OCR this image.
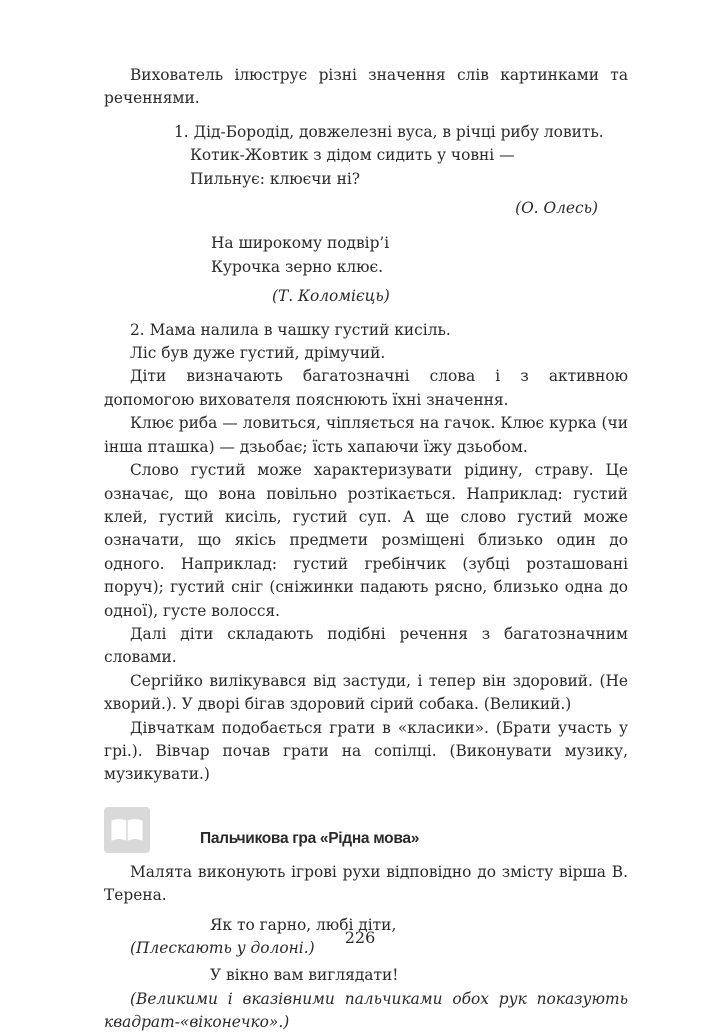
Вихователь ілюструє різні значення слів картинками та реченнями.

1. Дід-Бородід, довжелезні вуса, в річці рибу ловить.
Котик-Жовтик з дідом сидить у човні —
Пильнує: клюєчи ні?

(О. Олесь)

На широкому подвір’і
Курочка зерно клює.

(Т. Коломієць)

2. Мама налила в чашку густий кисіль.

Ліс був дуже густий, дрімучий.

Діти визначають багатозначні слова і з активною допомогою вихователя пояснюють їхні значення.

Клює риба — ловиться, чіпляється на гачок. Клює курка (чи інша пташка) — дзьобає; їсть хапаючи їжу дзьобом.

Слово густий може характеризувати рідину, страву. Це означає, що вона повільно розтікається. Наприклад: густий клей, густий кисіль, густий суп. А ще слово густий може означати, що якісь предмети розміщені близько один до одного. Наприклад: густий гребінчик (зубці розташовані поруч); густий сніг (сніжинки падають рясно, близько одна до одної), густе волосся.

Далі діти складають подібні речення з багатозначним словами.

Сергійко вилікувався від застуди, і тепер він здоровий. (Не хворий.). У дворі бігав здоровий сірий собака. (Великий.)

Дівчаткам подобається грати в «класики». (Брати участь у грі.). Вівчар почав грати на сопілці. (Виконувати музику, музикувати.)

Пальчикова гра «Рідна мова»

Малята виконують ігрові рухи відповідно до змісту вірша В. Терена.

Як то гарно, любі діти,

(Плескають у долоні.)

У вікно вам виглядати!

(Великими і вказівними пальчиками обох рук показують квадрат-«віконечко».)

226
